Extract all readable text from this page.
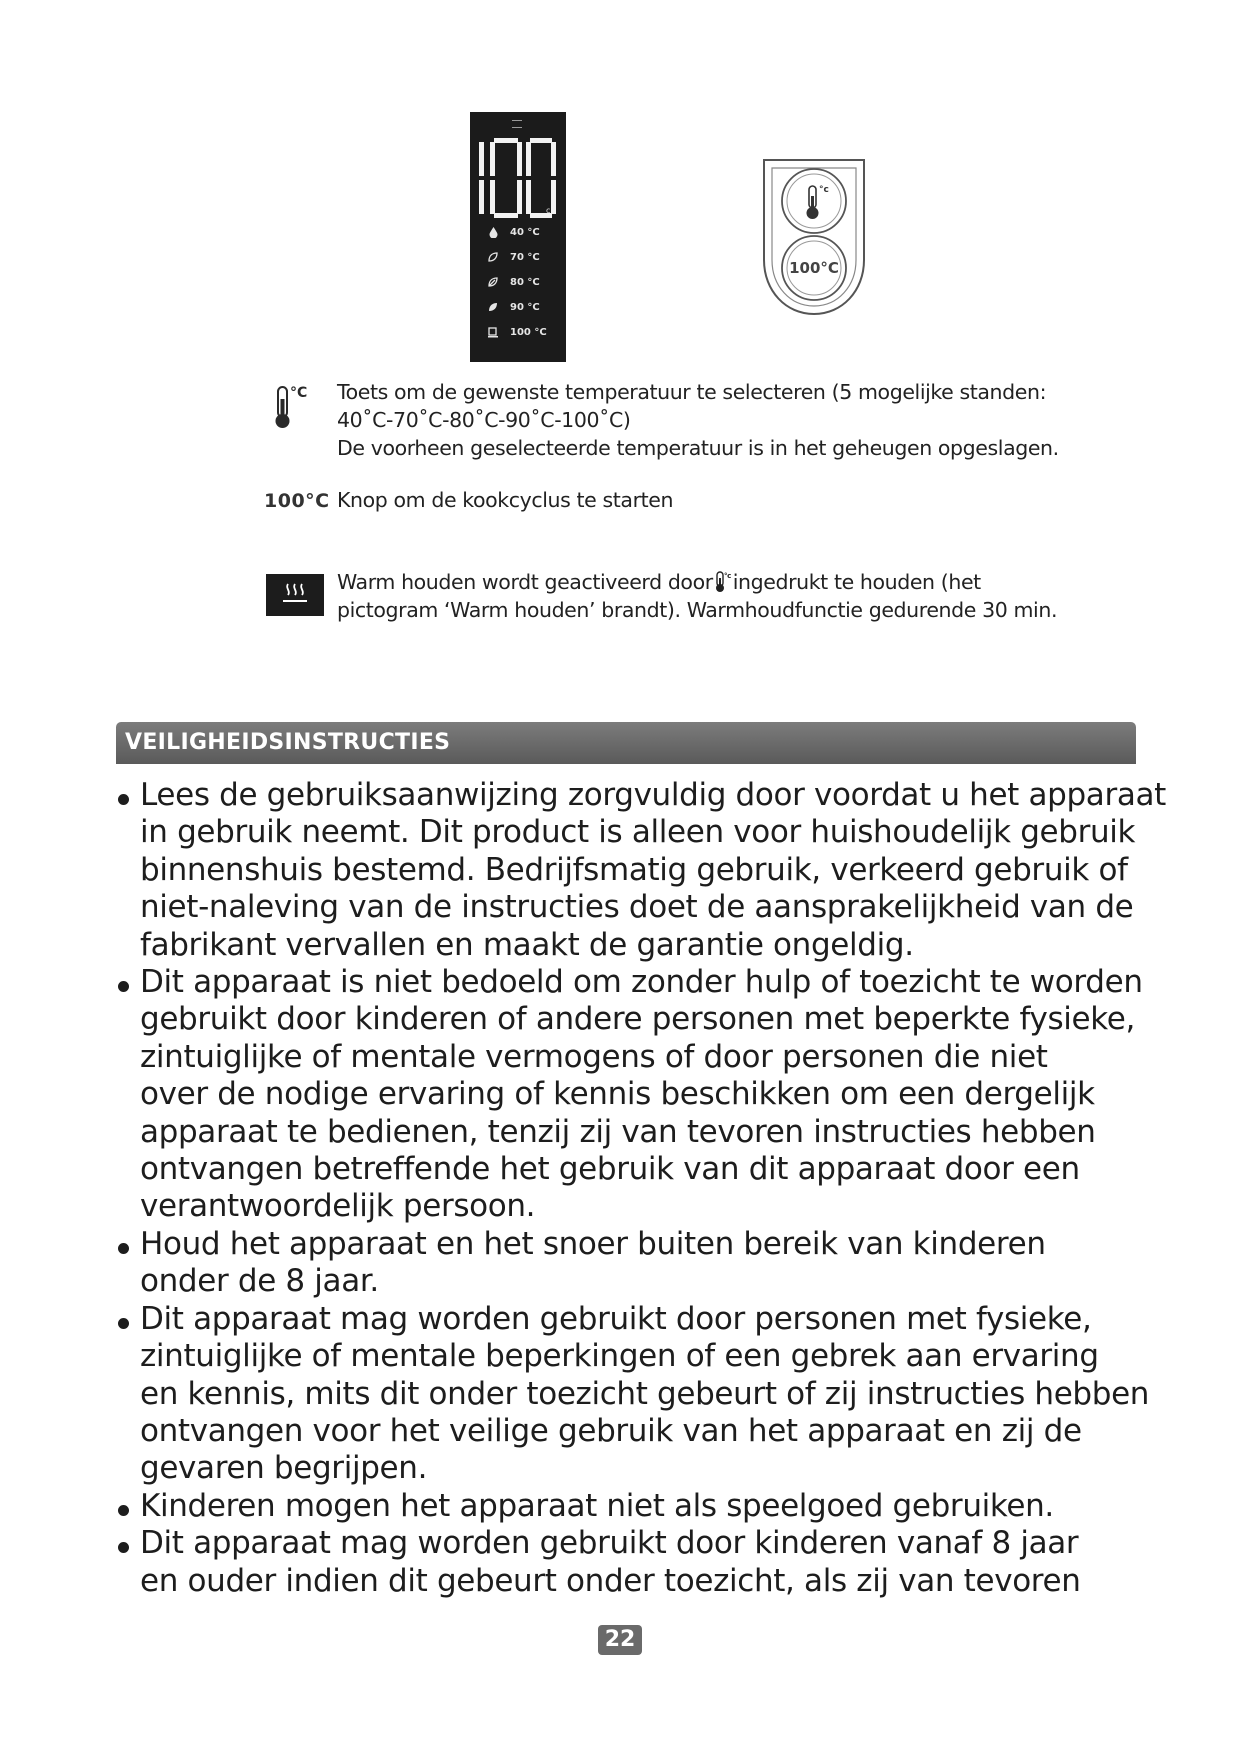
c
40 °C
70 °C
80 °C
90 °C
100 °C
°c
100°C
°C Toets om de gewenste temperatuur te selecteren (5 mogelijke standen:
40˚C-70˚C-80˚C-90˚C-100˚C)
De voorheen geselecteerde temperatuur is in het geheugen opgeslagen.
100°C Knop om de kookcyclus te starten
Warm houden wordt geactiveerd door °c ingedrukt te houden (het
pictogram ‘Warm houden’ brandt). Warmhoudfunctie gedurende 30 min.
VEILIGHEIDSINSTRUCTIES
Lees de gebruiksaanwijzing zorgvuldig door voordat u het apparaat
in gebruik neemt. Dit product is alleen voor huishoudelijk gebruik
binnenshuis bestemd. Bedrijfsmatig gebruik, verkeerd gebruik of
niet-naleving van de instructies doet de aansprakelijkheid van de
fabrikant vervallen en maakt de garantie ongeldig.
Dit apparaat is niet bedoeld om zonder hulp of toezicht te worden
gebruikt door kinderen of andere personen met beperkte fysieke,
zintuiglijke of mentale vermogens of door personen die niet
over de nodige ervaring of kennis beschikken om een dergelijk
apparaat te bedienen, tenzij zij van tevoren instructies hebben
ontvangen betreffende het gebruik van dit apparaat door een
verantwoordelijk persoon.
Houd het apparaat en het snoer buiten bereik van kinderen
onder de 8 jaar.
Dit apparaat mag worden gebruikt door personen met fysieke,
zintuiglijke of mentale beperkingen of een gebrek aan ervaring
en kennis, mits dit onder toezicht gebeurt of zij instructies hebben
ontvangen voor het veilige gebruik van het apparaat en zij de
gevaren begrijpen.
Kinderen mogen het apparaat niet als speelgoed gebruiken.
Dit apparaat mag worden gebruikt door kinderen vanaf 8 jaar
en ouder indien dit gebeurt onder toezicht, als zij van tevoren
22
